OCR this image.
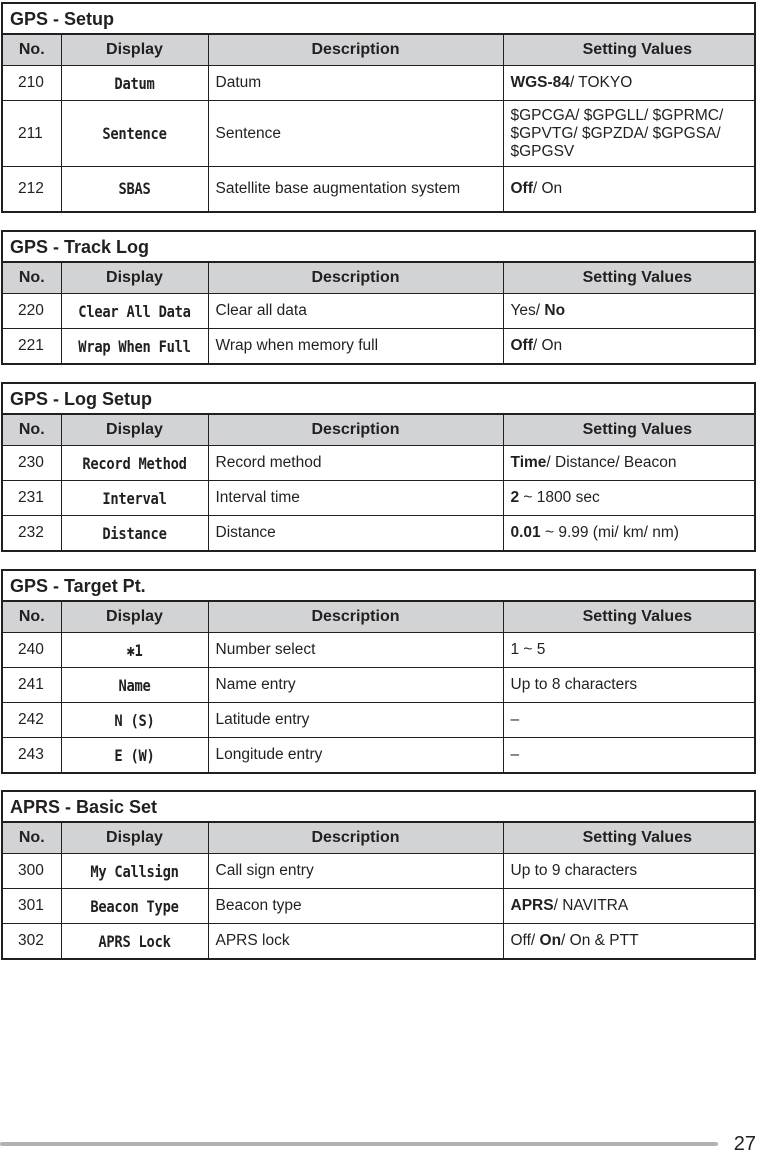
GPS - Setup
No.	Display	Description	Setting Values
210	Datum	Datum	WGS-84/ TOKYO
211	Sentence	Sentence	$GPCGA/ $GPGLL/ $GPRMC/ $GPVTG/ $GPZDA/ $GPGSA/ $GPGSV
212	SBAS	Satellite base augmentation system	Off/ On
GPS - Track Log
No.	Display	Description	Setting Values
220	Clear All Data	Clear all data	Yes/ No
221	Wrap When Full	Wrap when memory full	Off/ On
GPS - Log Setup
No.	Display	Description	Setting Values
230	Record Method	Record method	Time/ Distance/ Beacon
231	Interval	Interval time	2 ~ 1800 sec
232	Distance	Distance	0.01 ~ 9.99 (mi/ km/ nm)
GPS - Target Pt.
No.	Display	Description	Setting Values
240	✱1	Number select	1 ~ 5
241	Name	Name entry	Up to 8 characters
242	N (S)	Latitude entry	–
243	E (W)	Longitude entry	–
APRS - Basic Set
No.	Display	Description	Setting Values
300	My Callsign	Call sign entry	Up to 9 characters
301	Beacon Type	Beacon type	APRS/ NAVITRA
302	APRS Lock	APRS lock	Off/ On/ On & PTT
27
